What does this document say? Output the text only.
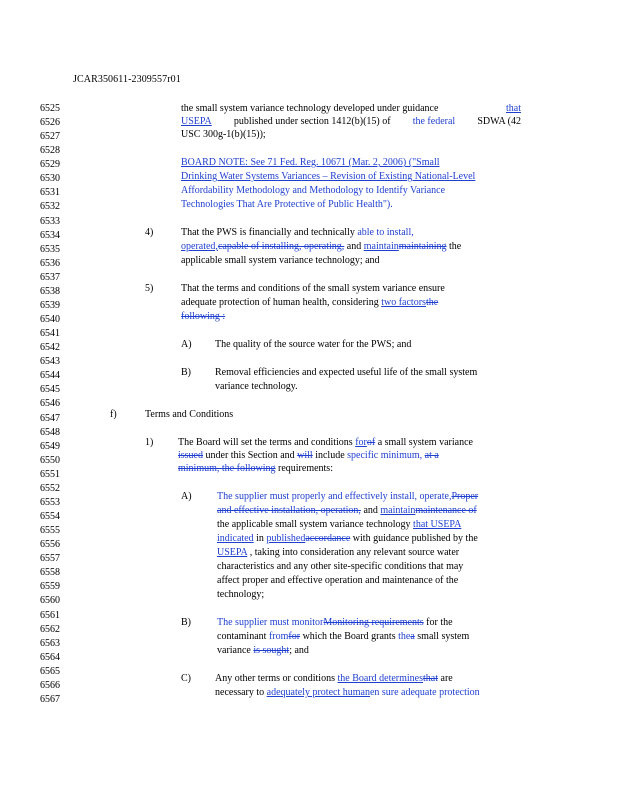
JCAR350611-2309557r01
6525
6526
6527
6528
6529
6530
6531
6532
6533
6534
6535
6536
6537
6538
6539
6540
6541
6542
6543
6544
6545
6546
6547
6548
6549
6550
6551
6552
6553
6554
6555
6556
6557
6558
6559
6560
6561
6562
6563
6564
6565
6566
6567
the small system variance technology developed under guidance	that
USEPA published under section 1412(b)(15) of the federal SDWA (42
USC 300g-1(b)(15));
BOARD NOTE: See 71 Fed. Reg. 10671 (Mar. 2, 2006) ("Small
Drinking Water Systems Variances – Revision of Existing National-Level
Affordability Methodology and Methodology to Identify Variance
Technologies That Are Protective of Public Health").
4)	That the PWS is financially and technically able to install,
operated,capable of installing, operating, and maintainmaintaining the
applicable small system variance technology; and
5)	That the terms and conditions of the small system variance ensure
adequate protection of human health, considering two factorsthe
following :
A) The quality of the source water for the PWS; and
B) Removal efficiencies and expected useful life of the small system
variance technology.
f)	Terms and Conditions
1) The Board will set the terms and conditions forof a small system variance
issued under this Section and will include specific minimum, at a
minimum, the following requirements:
A)	The supplier must properly and effectively install, operate,Proper
and effective installation, operation, and maintainmaintenance of
the applicable small system variance technology that USEPA
indicated in publishedaccordance with guidance published by the
USEPA , taking into consideration any relevant source water
characteristics and any other site-specific conditions that may
affect proper and effective operation and maintenance of the
technology;
B)	The supplier must monitorMonitoring requirements for the
contaminant fromfor which the Board grants thea small system
variance is sought; and
C) Any other terms or conditions the Board determinesthat are
necessary to adequately protect humanen sure adequate protection
